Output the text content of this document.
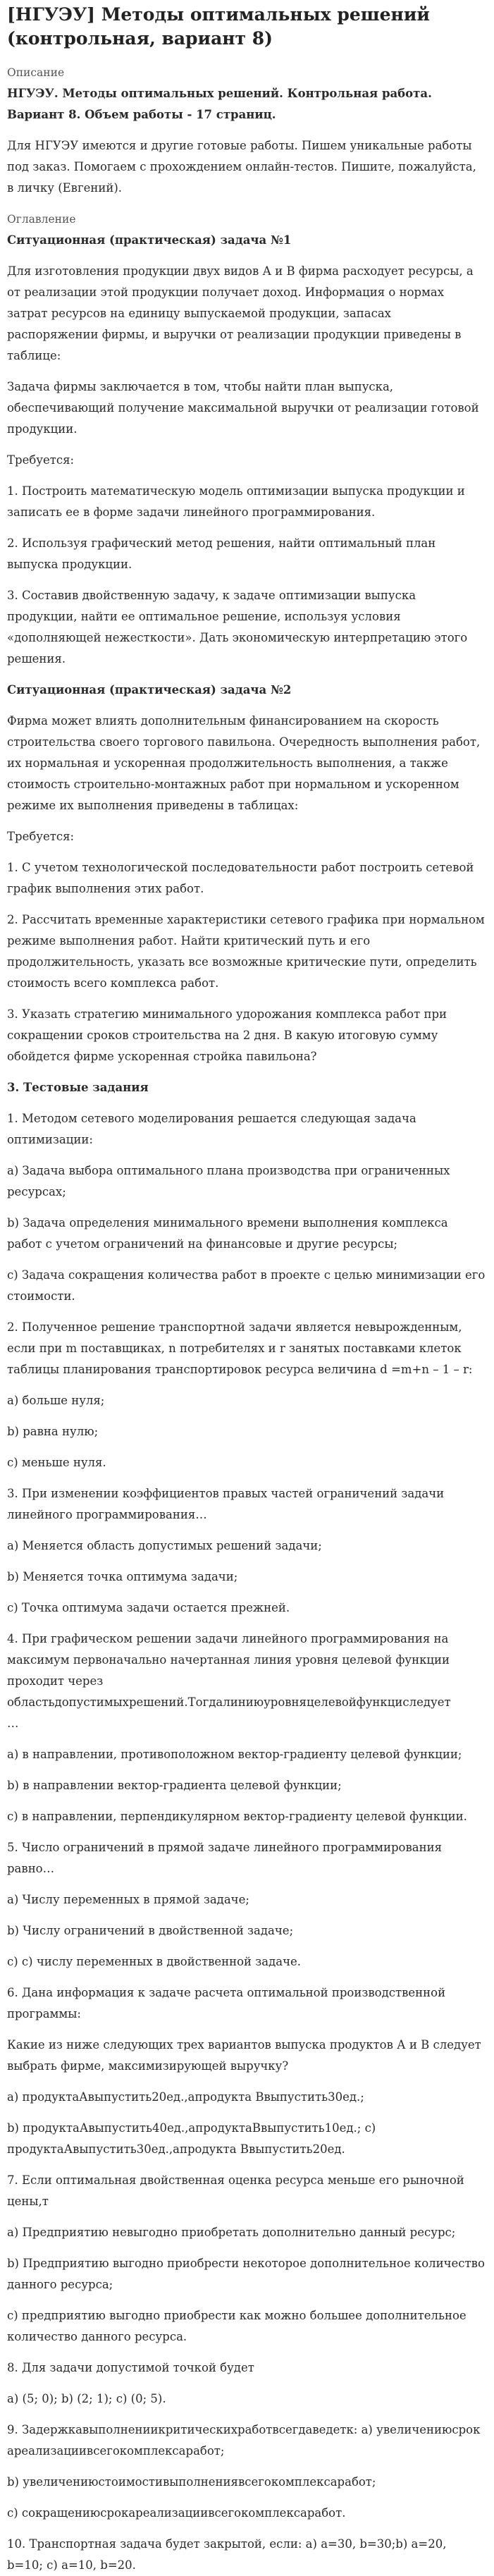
[НГУЭУ] Методы оптимальных решений (контрольная, вариант 8)
Описание

НГУЭУ. Методы оптимальных решений. Контрольная работа. Вариант 8. Объем работы - 17 страниц.

Для НГУЭУ имеются и другие готовые работы. Пишем уникальные работы под заказ. Помогаем с прохождением онлайн-тестов. Пишите, пожалуйста, в личку (Евгений).

Оглавление

Ситуационная (практическая) задача №1

Для изготовления продукции двух видов А и В фирма расходует ресурсы, а от реализации этой продукции получает доход. Информация о нормах затрат ресурсов на единицу выпускаемой продукции, запасах распоряжении фирмы, и выручки от реализации продукции приведены в таблице:

Задача фирмы заключается в том, чтобы найти план выпуска, обеспечивающий получение максимальной выручки от реализации готовой продукции.

Требуется:

1. Построить математическую модель оптимизации выпуска продукции и записать ее в форме задачи линейного программирования.

2. Используя графический метод решения, найти оптимальный план выпуска продукции.

3. Составив двойственную задачу, к задаче оптимизации выпуска продукции, найти ее оптимальное решение, используя условия «дополняющей нежесткости». Дать экономическую интерпретацию этого решения.

Ситуационная (практическая) задача №2

Фирма может влиять дополнительным финансированием на скорость строительства своего торгового павильона. Очередность выполнения работ, их нормальная и ускоренная продолжительность выполнения, а также стоимость строительно-монтажных работ при нормальном и ускоренном режиме их выполнения приведены в таблицах:

Требуется:

1. С учетом технологической последовательности работ построить сетевой график выполнения этих работ.

2. Рассчитать временные характеристики сетевого графика при нормальном режиме выполнения работ. Найти критический путь и его продолжительность, указать все возможные критические пути, определить стоимость всего комплекса работ.

3. Указать стратегию минимального удорожания комплекса работ при сокращении сроков строительства на 2 дня. В какую итоговую сумму обойдется фирме ускоренная стройка павильона?

3. Тестовые задания

1. Методом сетевого моделирования решается следующая задача оптимизации:

а) Задача выбора оптимального плана производства при ограниченных ресурсах;

b) Задача определения минимального времени выполнения комплекса работ с учетом ограничений на финансовые и другие ресурсы;

с) Задача сокращения количества работ в проекте с целью минимизации его стоимости.

2. Полученное решение транспортной задачи является невырожденным, если при m поставщиках, n потребителях и r занятых поставками клеток таблицы планирования транспортировок ресурса величина d =m+n – 1 – r:

а) больше нуля;

b) равна нулю;

с) меньше нуля.

3. При изменении коэффициентов правых частей ограничений задачи линейного программирования…

а) Меняется область допустимых решений задачи;

b) Меняется точка оптимума задачи;

с) Точка оптимума задачи остается прежней.

4. При графическом решении задачи линейного программирования на максимум первоначально начертанная линия уровня целевой функции проходит через

областьдопустимыхрешений.Тогдалиниюуровняцелевойфункциследует

…

а) в направлении, противоположном вектор-градиенту целевой функции;

b) в направлении вектор-градиента целевой функции;

с) в направлении, перпендикулярном вектор-градиенту целевой функции.

5. Число ограничений в прямой задаче линейного программирования равно…

а) Числу переменных в прямой задаче;

b) Числу ограничений в двойственной задаче;

с) с) числу переменных в двойственной задаче.

6. Дана информация к задаче расчета оптимальной производственной программы:

Какие из ниже следующих трех вариантов выпуска продуктов А и В следует выбрать фирме, максимизирующей выручку?

а) продуктаАвыпустить20ед.,апродукта Ввыпустить30ед.;

b) продуктаАвыпустить40ед.,апродуктаВвыпустить10ед.; с) продуктаАвыпустить30ед.,апродукта Ввыпустить20ед.

7. Если оптимальная двойственная оценка ресурса меньше его рыночной цены,т

а) Предприятию невыгодно приобретать дополнительно данный ресурс;

b) Предприятию выгодно приобрести некоторое дополнительное количество данного ресурса;

с) предприятию выгодно приобрести как можно большее дополнительное количество данного ресурса.

8. Для задачи допустимой точкой будет

а) (5; 0); b) (2; 1); с) (0; 5).

9. Задержкавыполнениикритическихработвсегдаведетк: а) увеличениюсрокареализациивсегокомплексаработ;

b) увеличениюстоимостивыполнениявсегокомплексаработ;

с) сокращениюсрокареализациивсегокомплексаработ.

10. Транспортная задача будет закрытой, если: а) a=30, b=30;b) a=20, b=10; с) a=10, b=20.
